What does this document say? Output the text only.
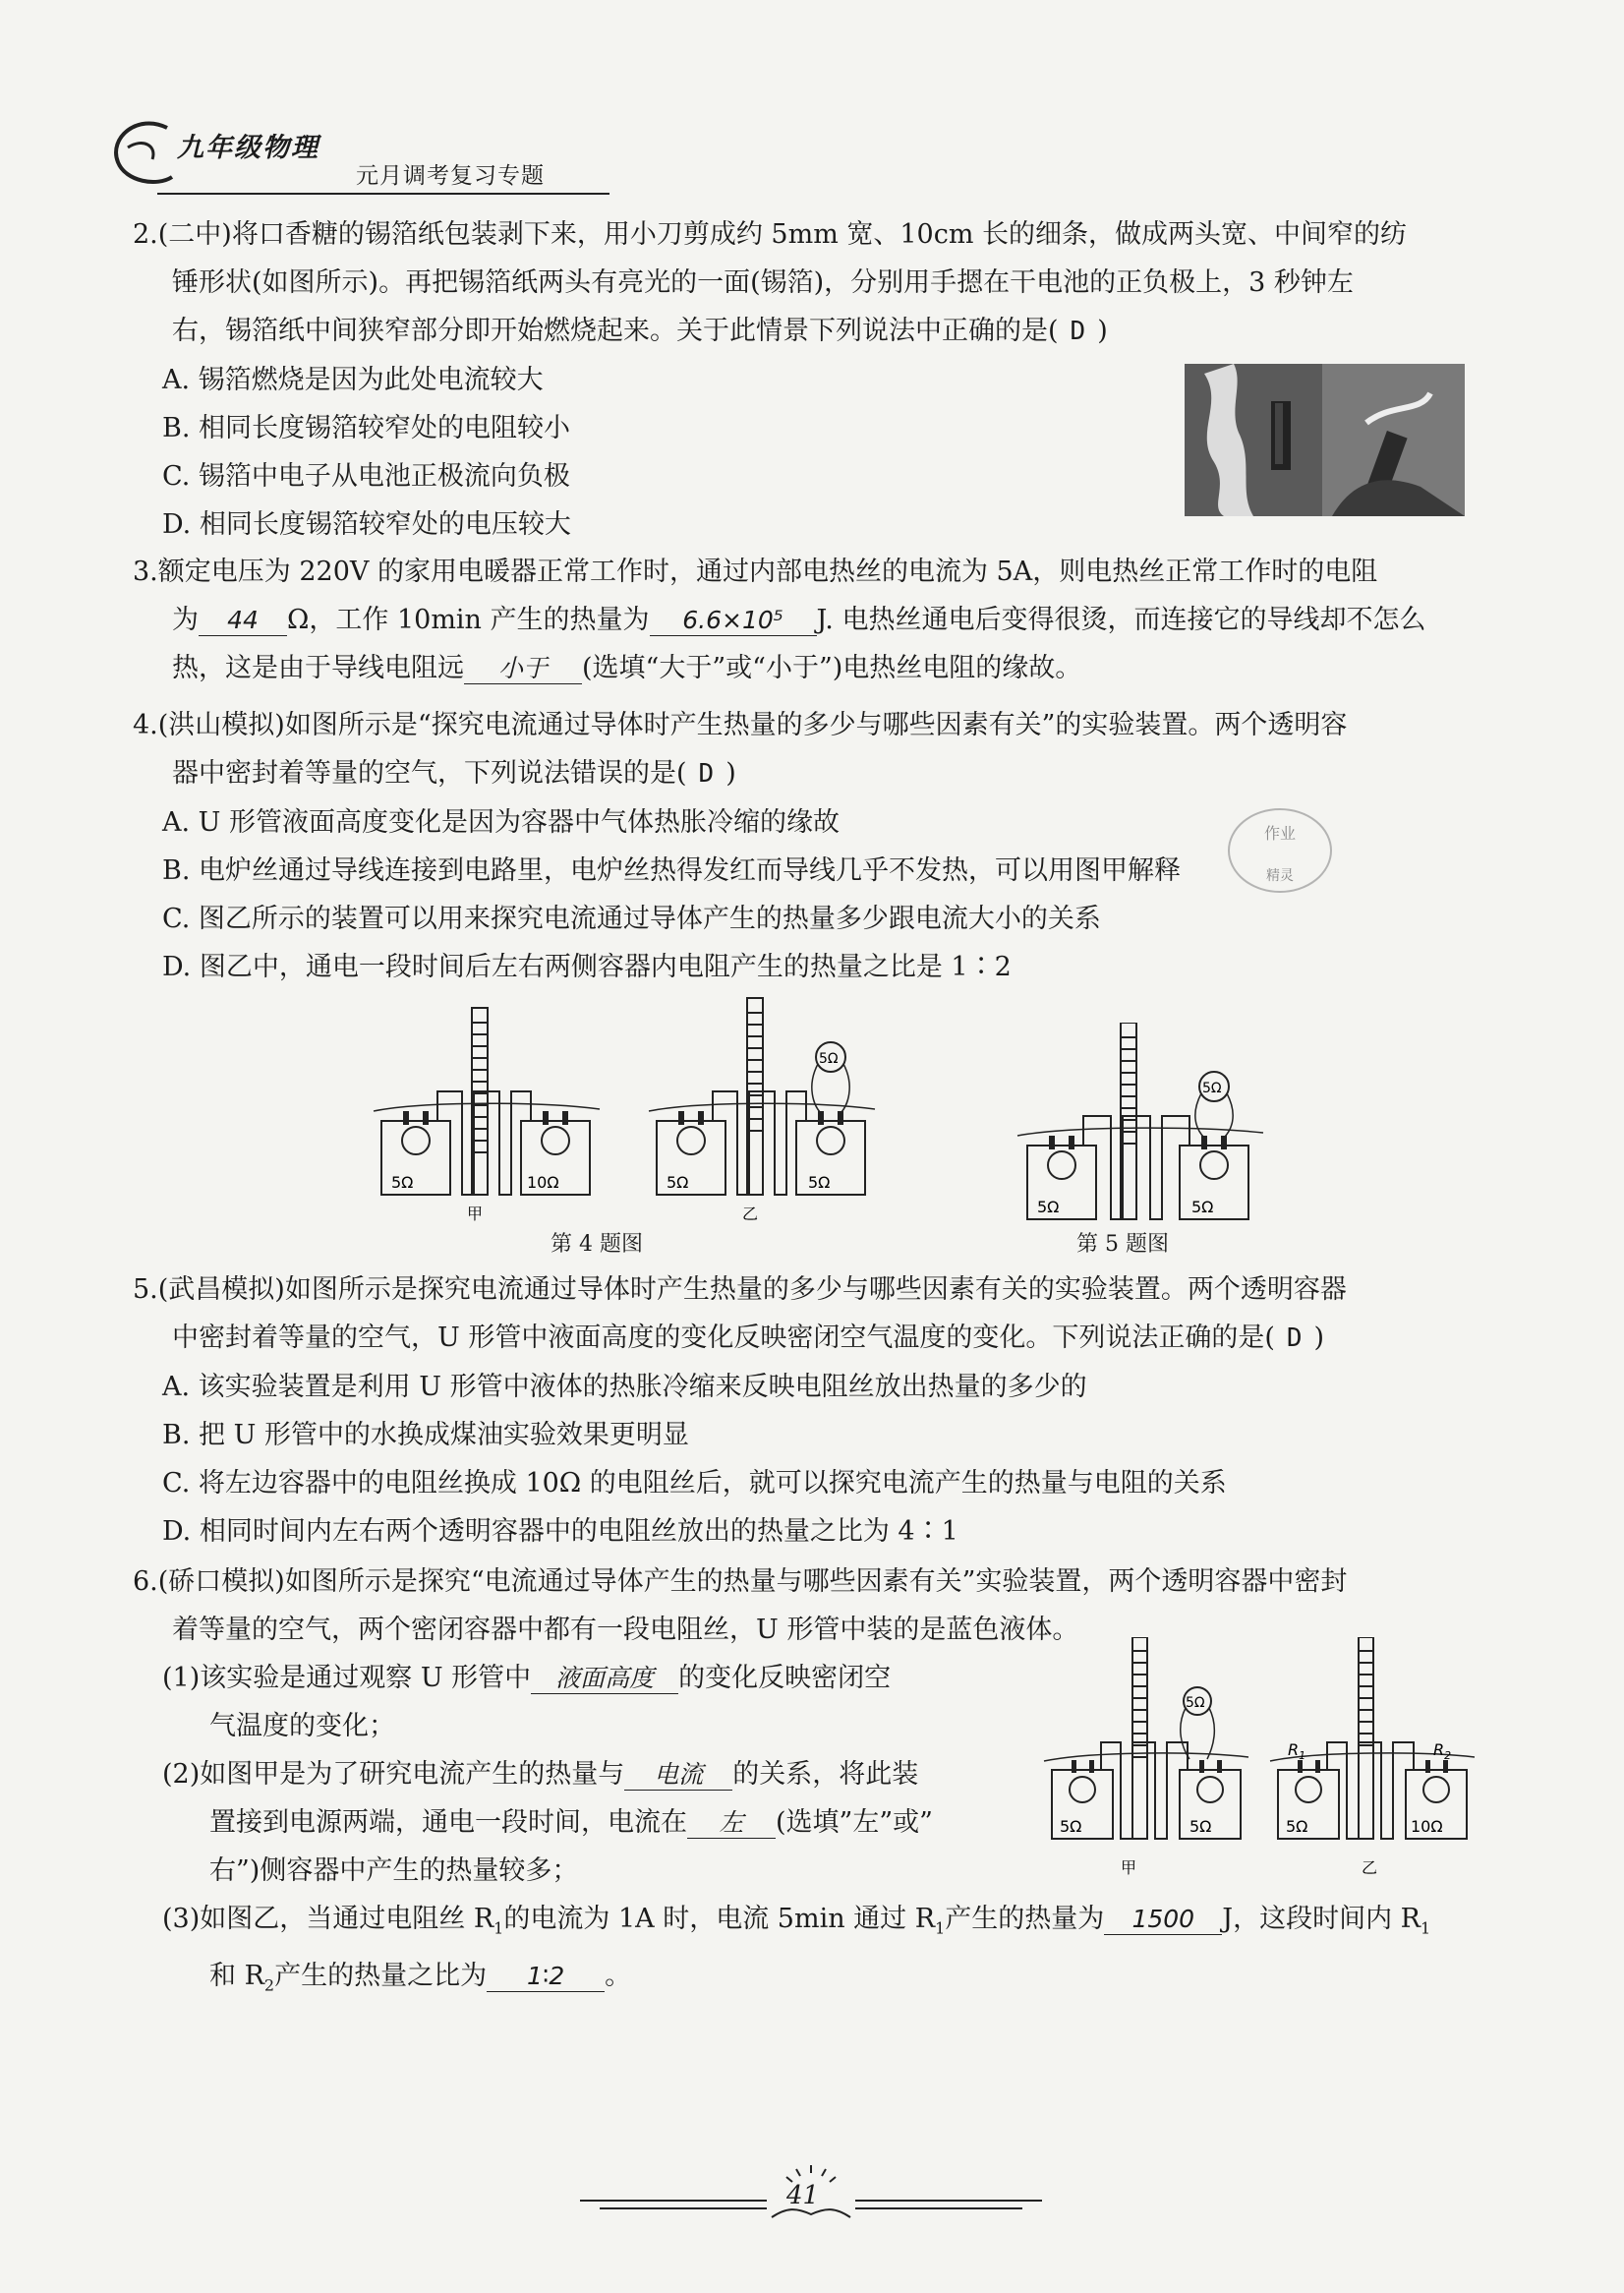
九年级物理
元月调考复习专题
2.(二中)将口香糖的锡箔纸包装剥下来，用小刀剪成约 5mm 宽、10cm 长的细条，做成两头宽、中间窄的纺
锤形状(如图所示)。再把锡箔纸两头有亮光的一面(锡箔)，分别用手摁在干电池的正负极上，3 秒钟左
右，锡箔纸中间狭窄部分即开始燃烧起来。关于此情景下列说法中正确的是( D )
A. 锡箔燃烧是因为此处电流较大
B. 相同长度锡箔较窄处的电阻较小
C. 锡箔中电子从电池正极流向负极
D. 相同长度锡箔较窄处的电压较大
3.额定电压为 220V 的家用电暖器正常工作时，通过内部电热丝的电流为 5A，则电热丝正常工作时的电阻
为 44 Ω，工作 10min 产生的热量为 6.6×10⁵ J. 电热丝通电后变得很烫，而连接它的导线却不怎么
热，这是由于导线电阻远 小于 (选填“大于”或“小于”)电热丝电阻的缘故。
4.(洪山模拟)如图所示是“探究电流通过导体时产生热量的多少与哪些因素有关”的实验装置。两个透明容
器中密封着等量的空气，下列说法错误的是( D )
A. U 形管液面高度变化是因为容器中气体热胀冷缩的缘故
B. 电炉丝通过导线连接到电路里，电炉丝热得发红而导线几乎不发热，可以用图甲解释
C. 图乙所示的装置可以用来探究电流通过导体产生的热量多少跟电流大小的关系
D. 图乙中，通电一段时间后左右两侧容器内电阻产生的热量之比是 1∶2
作业
精灵
5Ω	10Ω
甲
5Ω
5Ω	5Ω
乙
第 4 题图
5Ω
5Ω	5Ω
第 5 题图
5.(武昌模拟)如图所示是探究电流通过导体时产生热量的多少与哪些因素有关的实验装置。两个透明容器
中密封着等量的空气，U 形管中液面高度的变化反映密闭空气温度的变化。下列说法正确的是( D )
A. 该实验装置是利用 U 形管中液体的热胀冷缩来反映电阻丝放出热量的多少的
B. 把 U 形管中的水换成煤油实验效果更明显
C. 将左边容器中的电阻丝换成 10Ω 的电阻丝后，就可以探究电流产生的热量与电阻的关系
D. 相同时间内左右两个透明容器中的电阻丝放出的热量之比为 4∶1
6.(硚口模拟)如图所示是探究“电流通过导体产生的热量与哪些因素有关”实验装置，两个透明容器中密封
着等量的空气，两个密闭容器中都有一段电阻丝，U 形管中装的是蓝色液体。
(1)该实验是通过观察 U 形管中 液面高度 的变化反映密闭空
气温度的变化；
(2)如图甲是为了研究电流产生的热量与 电流 的关系，将此装
置接到电源两端，通电一段时间，电流在 左 (选填”左”或”
右”)侧容器中产生的热量较多；
(3)如图乙，当通过电阻丝 $R_1$的电流为 1A 时，电流 5min 通过 $R_1$产生的热量为 1500 J，这段时间内 $R_1$
和 $R_2$产生的热量之比为 1∶2 。
5Ω
5Ω	5Ω
甲
$R_1$	$R_2$
5Ω	10Ω
乙
41
